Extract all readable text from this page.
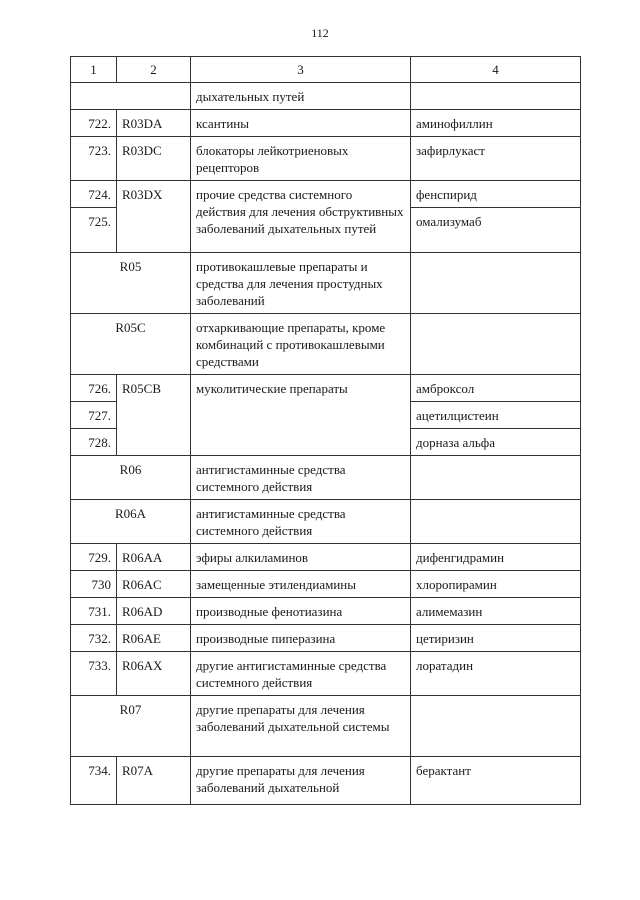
112
1	2	3	4
		дыхательных путей	
722.	R03DA	ксантины	аминофиллин
723.	R03DC	блокаторы лейкотриеновых рецепторов	зафирлукаст
724.	R03DX	прочие средства системного действия для лечения обструктивных заболеваний дыхательных путей	фенспирид
725.			омализумаб
R05		противокашлевые препараты и средства для лечения простудных заболеваний	
R05C		отхаркивающие препараты, кроме комбинаций с противокашлевыми средствами	
726.	R05CB	муколитические препараты	амброксол
727.			ацетилцистеин
728.			дорназа альфа
R06		антигистаминные средства системного действия	
R06A		антигистаминные средства системного действия	
729.	R06AA	эфиры алкиламинов	дифенгидрамин
730	R06AC	замещенные этилендиамины	хлоропирамин
731.	R06AD	производные фенотиазина	алимемазин
732.	R06AE	производные пиперазина	цетиризин
733.	R06AX	другие антигистаминные средства системного действия	лоратадин
R07		другие препараты для лечения заболеваний дыхательной системы	
734.	R07A	другие препараты для лечения заболеваний дыхательной	берактант
